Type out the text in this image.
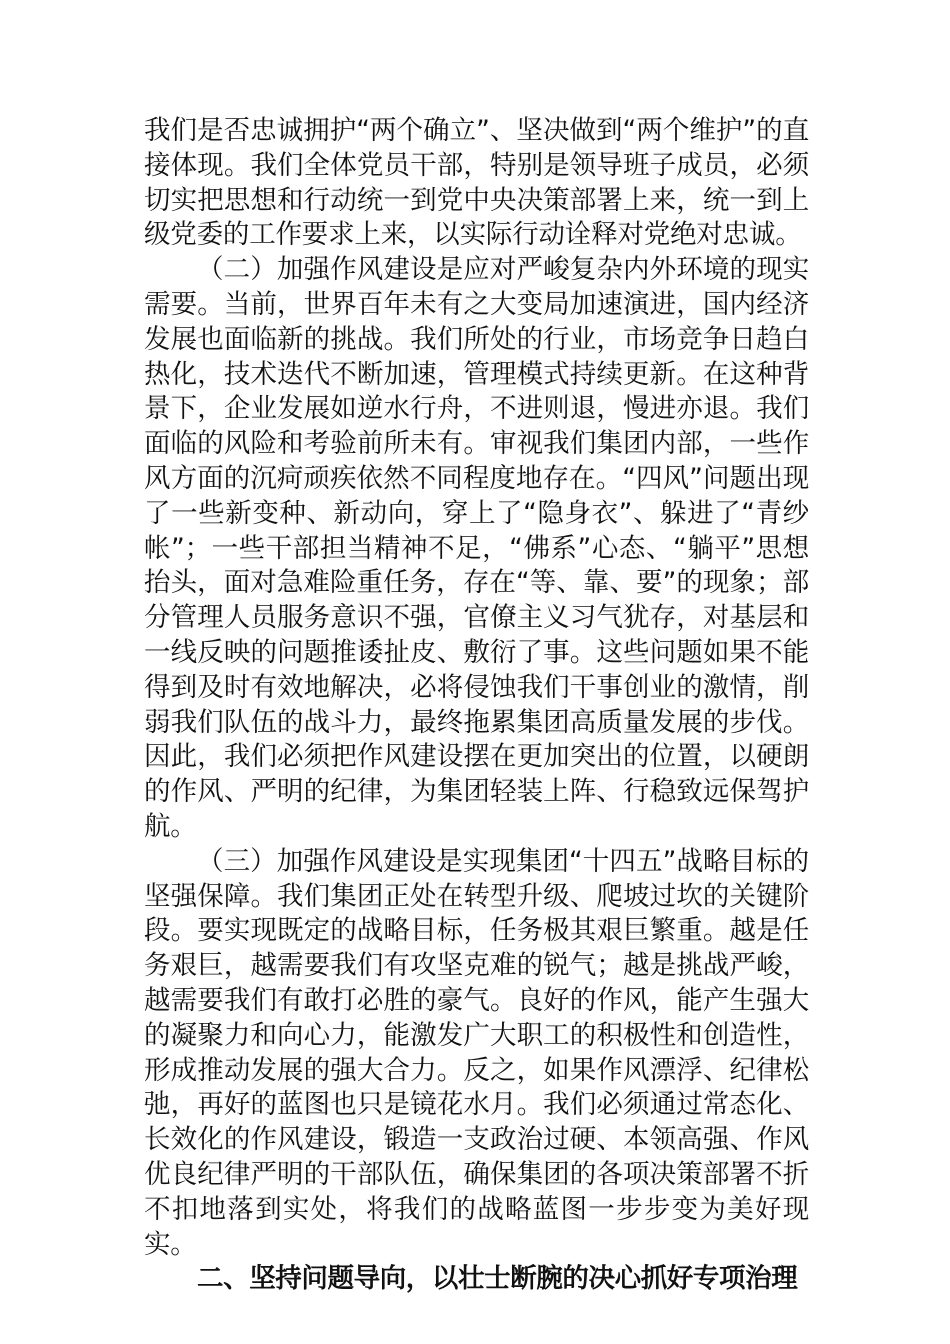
我们是否忠诚拥护“两个确立”、坚决做到“两个维护”的直接体现。我们全体党员干部，特别是领导班子成员，必须切实把思想和行动统一到党中央决策部署上来，统一到上级党委的工作要求上来，以实际行动诠释对党绝对忠诚。

（二）加强作风建设是应对严峻复杂内外环境的现实需要。当前，世界百年未有之大变局加速演进，国内经济发展也面临新的挑战。我们所处的行业，市场竞争日趋白热化，技术迭代不断加速，管理模式持续更新。在这种背景下，企业发展如逆水行舟，不进则退，慢进亦退。我们面临的风险和考验前所未有。审视我们集团内部，一些作风方面的沉疴顽疾依然不同程度地存在。“四风”问题出现了一些新变种、新动向，穿上了“隐身衣”、躲进了“青纱帐”；一些干部担当精神不足，“佛系”心态、“躺平”思想抬头，面对急难险重任务，存在“等、靠、要”的现象；部分管理人员服务意识不强，官僚主义习气犹存，对基层和一线反映的问题推诿扯皮、敷衍了事。这些问题如果不能得到及时有效地解决，必将侵蚀我们干事创业的激情，削弱我们队伍的战斗力，最终拖累集团高质量发展的步伐。因此，我们必须把作风建设摆在更加突出的位置，以硬朗的作风、严明的纪律，为集团轻装上阵、行稳致远保驾护航。

（三）加强作风建设是实现集团“十四五”战略目标的坚强保障。我们集团正处在转型升级、爬坡过坎的关键阶段。要实现既定的战略目标，任务极其艰巨繁重。越是任务艰巨，越需要我们有攻坚克难的锐气；越是挑战严峻，越需要我们有敢打必胜的豪气。良好的作风，能产生强大的凝聚力和向心力，能激发广大职工的积极性和创造性，形成推动发展的强大合力。反之，如果作风漂浮、纪律松弛，再好的蓝图也只是镜花水月。我们必须通过常态化、长效化的作风建设，锻造一支政治过硬、本领高强、作风优良纪律严明的干部队伍，确保集团的各项决策部署不折不扣地落到实处，将我们的战略蓝图一步步变为美好现实。

二、坚持问题导向，以壮士断腕的决心抓好专项治理
